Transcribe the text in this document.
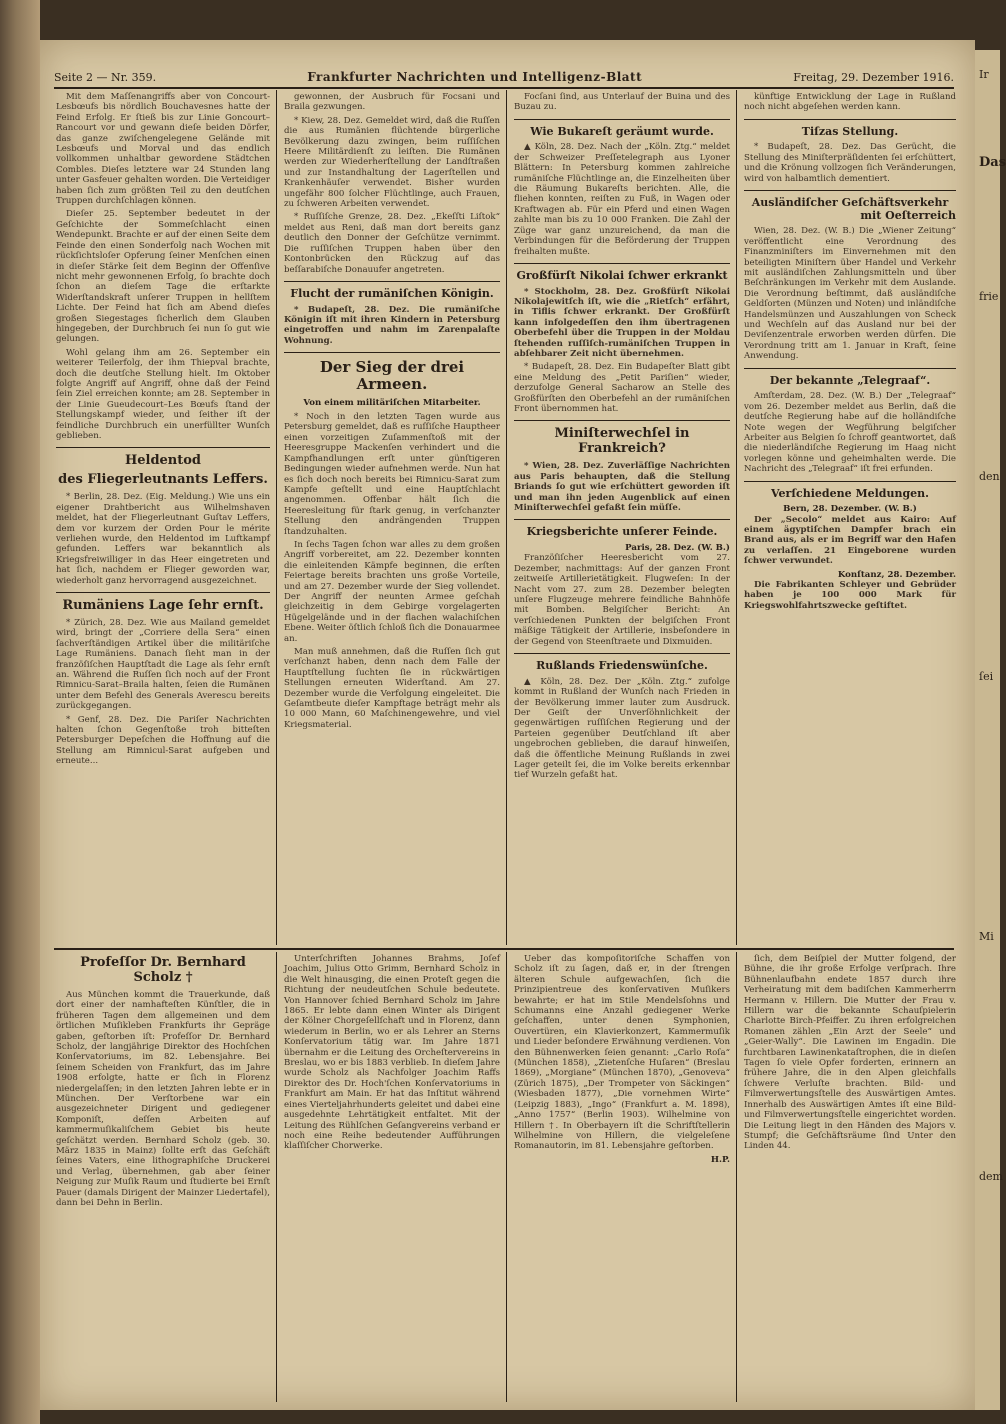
Seite 2 — Nr. 359.	Frankfurter Nachrichten und Intelligenz-Blatt	Freitag, 29. Dezember 1916.

Mit dem Maſſenangriffs aber von Concourt-Lesbœufs bis nördlich Bouchavesnes hatte der Feind Erfolg. Er ſtieß bis zur Linie Goncourt–Rancourt vor und gewann dieſe beiden Dörfer, das ganze zwiſchengelegene Gelände mit Lesbœufs und Morval und das endlich vollkommen unhaltbar gewordene Städtchen Combles. Dieſes letztere war 24 Stunden lang unter Gasfeuer gehalten worden. Die Verteidiger haben ſich zum größten Teil zu den deutſchen Truppen durchſchlagen können.

Dieſer 25. September bedeutet in der Geſchichte der Sommeſchlacht einen Wendepunkt. Brachte er auf der einen Seite dem Feinde den einen Sonderfolg nach Wochen mit rückſichtsloſer Opferung ſeiner Menſchen einen in dieſer Stärke ſeit dem Beginn der Offenſive nicht mehr gewonnenen Erfolg, ſo brachte doch ſchon an dieſem Tage die erſtarkte Widerſtandskraft unſerer Truppen in hellſtem Lichte. Der Feind hat ſich am Abend dieſes großen Siegestages ſicherlich dem Glauben hingegeben, der Durchbruch ſei nun ſo gut wie gelungen.

Wohl gelang ihm am 26. September ein weiterer Teilerfolg, der ihm Thiepval brachte, doch die deutſche Stellung hielt. Im Oktober folgte Angriff auf Angriff, ohne daß der Feind ſein Ziel erreichen konnte; am 28. September in der Linie Gueudecourt–Les Bœufs ſtand der Stellungskampf wieder, und ſeither iſt der feindliche Durchbruch ein unerfüllter Wunſch geblieben.

Heldentod
des Fliegerleutnants Leffers.

* Berlin, 28. Dez. (Eig. Meldung.) Wie uns ein eigener Drahtbericht aus Wilhelmshaven meldet, hat der Fliegerleutnant Guſtav Leffers, dem vor kurzem der Orden Pour le mérite verliehen wurde, den Heldentod im Luftkampf gefunden. Leffers war bekanntlich als Kriegsfreiwilliger in das Heer eingetreten und hat ſich, nachdem er Flieger geworden war, wiederholt ganz hervorragend ausgezeichnet.

Rumäniens Lage ſehr ernſt.

* Zürich, 28. Dez. Wie aus Mailand gemeldet wird, bringt der „Corriere della Sera“ einen ſachverſtändigen Artikel über die militäriſche Lage Rumäniens. Danach ſieht man in der franzöſiſchen Hauptſtadt die Lage als ſehr ernſt an. Während die Ruſſen ſich noch auf der Front Rimnicu-Sarat–Braila halten, ſeien die Rumänen unter dem Befehl des Generals Averescu bereits zurückgegangen.

* Genf, 28. Dez. Die Pariſer Nachrichten halten ſchon Gegenſtoße troh bitteſten Petersburger Depeſchen die Hoffnung auf die Stellung am Rimnicul-Sarat aufgeben und erneute...

gewonnen, der Ausbruch für Focsani und Braila gezwungen.

* Kiew, 28. Dez. Gemeldet wird, daß die Ruſſen die aus Rumänien flüchtende bürgerliche Bevölkerung dazu zwingen, beim ruſſiſchen Heere Militärdienſt zu leiſten. Die Rumänen werden zur Wiederherſtellung der Landſtraßen und zur Instandhaltung der Lagerſtellen und Krankenhäuſer verwendet. Bisher wurden ungefähr 800 ſolcher Flüchtlinge, auch Frauen, zu ſchweren Arbeiten verwendet.

* Ruſſiſche Grenze, 28. Dez. „Ekeſſti Liſtok“ meldet aus Reni, daß man dort bereits ganz deutlich den Donner der Geſchütze vernimmt. Die ruſſiſchen Truppen haben über den Kontonbrücken den Rückzug auf das beſſarabiſche Donauufer angetreten.

Flucht der rumäniſchen Königin.

* Budapeſt, 28. Dez. Die rumäniſche Königin iſt mit ihren Kindern in Petersburg eingetroffen und nahm im Zarenpalaſte Wohnung.

Der Sieg der drei Armeen.
Von einem militäriſchen Mitarbeiter.

* Noch in den letzten Tagen wurde aus Petersburg gemeldet, daß es ruſſiſche Hauptheer einen vorzeitigen Zuſammenſtoß mit der Heeresgruppe Mackenſen verhindert und die Kampfhandlungen erſt unter günſtigeren Bedingungen wieder aufnehmen werde. Nun hat es ſich doch noch bereits bei Rimnicu-Sarat zum Kampfe geſtellt und eine Hauptſchlacht angenommen. Offenbar hält ſich die Heeresleitung für ſtark genug, in verſchanzter Stellung den andrängenden Truppen ſtandzuhalten.

In ſechs Tagen ſchon war alles zu dem großen Angriff vorbereitet, am 22. Dezember konnten die einleitenden Kämpfe beginnen, die erſten Feiertage bereits brachten uns große Vorteile, und am 27. Dezember wurde der Sieg vollendet. Der Angriff der neunten Armee geſchah gleichzeitig in dem Gebirge vorgelagerten Hügelgelände und in der flachen walachiſchen Ebene. Weiter öſtlich ſchloß ſich die Donauarmee an.

Man muß annehmen, daß die Ruſſen ſich gut verſchanzt haben, denn nach dem Falle der Hauptſtellung ſuchten ſie in rückwärtigen Stellungen erneuten Widerſtand. Am 27. Dezember wurde die Verfolgung eingeleitet. Die Geſamtbeute dieſer Kampftage beträgt mehr als 10 000 Mann, 60 Maſchinengewehre, und viel Kriegsmaterial.

Focſani ſind, aus Unterlauf der Buina und des Buzau zu.

Wie Bukareſt geräumt wurde.

▲ Köln, 28. Dez. Nach der „Köln. Ztg.“ meldet der Schweizer Preſſetelegraph aus Lyoner Blättern: In Petersburg kommen zahlreiche rumäniſche Flüchtlinge an, die Einzelheiten über die Räumung Bukareſts berichten. Alle, die fliehen konnten, reiſten zu Fuß, in Wagen oder Kraftwagen ab. Für ein Pferd und einen Wagen zahlte man bis zu 10 000 Franken. Die Zahl der Züge war ganz unzureichend, da man die Verbindungen für die Beförderung der Truppen freihalten mußte.

Großfürſt Nikolai ſchwer erkrankt

* Stockholm, 28. Dez. Großfürſt Nikolai Nikolajewitſch iſt, wie die „Rietſch“ erfährt, in Tiflis ſchwer erkrankt. Der Großfürſt kann infolgedeſſen den ihm übertragenen Oberbefehl über die Truppen in der Moldau ſtehenden ruſſiſch-rumäniſchen Truppen in abſehbarer Zeit nicht übernehmen.

* Budapeſt, 28. Dez. Ein Budapeſter Blatt gibt eine Meldung des „Petit Pariſien“ wieder, derzufolge General Sacharow an Stelle des Großfürſten den Oberbefehl an der rumäniſchen Front übernommen hat.

Miniſterwechſel in Frankreich?

* Wien, 28. Dez. Zuverläſſige Nachrichten aus Paris behaupten, daß die Stellung Briands ſo gut wie erſchüttert geworden iſt und man ihn jeden Augenblick auf einen Miniſterwechſel gefaßt ſein müſſe.

Kriegsberichte unſerer Feinde.
Paris, 28. Dez. (W. B.)

Franzöſiſcher Heeresbericht vom 27. Dezember, nachmittags: Auf der ganzen Front zeitweiſe Artillerietätigkeit. Flugweſen: In der Nacht vom 27. zum 28. Dezember belegten unſere Flugzeuge mehrere feindliche Bahnhöfe mit Bomben. Belgiſcher Bericht: An verſchiedenen Punkten der belgiſchen Front mäßige Tätigkeit der Artillerie, insbeſondere in der Gegend von Steenſtraete und Dixmuiden.

Rußlands Friedenswünſche.

▲ Köln, 28. Dez. Der „Köln. Ztg.“ zufolge kommt in Rußland der Wunſch nach Frieden in der Bevölkerung immer lauter zum Ausdruck. Der Geiſt der Unverſöhnlichkeit der gegenwärtigen ruſſiſchen Regierung und der Parteien gegenüber Deutſchland iſt aber ungebrochen geblieben, die darauf hinweiſen, daß die öffentliche Meinung Rußlands in zwei Lager geteilt ſei, die im Volke bereits erkennbar tief Wurzeln gefaßt hat.

künftige Entwicklung der Lage in Rußland noch nicht abgeſehen werden kann.

Tiſzas Stellung.

* Budapeſt, 28. Dez. Das Gerücht, die Stellung des Miniſterpräſidenten ſei erſchüttert, und die Krönung vollzogen ſich Veränderungen, wird von halbamtlich dementiert.

Ausländiſcher Geſchäftsverkehr
mit Oeſterreich

Wien, 28. Dez. (W. B.) Die „Wiener Zeitung“ veröffentlicht eine Verordnung des Finanzminiſters im Einvernehmen mit den beteiligten Miniſtern über Handel und Verkehr mit ausländiſchen Zahlungsmitteln und über Beſchränkungen im Verkehr mit dem Auslande. Die Verordnung beſtimmt, daß ausländiſche Geldſorten (Münzen und Noten) und inländiſche Handelsmünzen und Auszahlungen von Scheck und Wechſeln auf das Ausland nur bei der Deviſenzentrale erworben werden dürfen. Die Verordnung tritt am 1. Januar in Kraft, ſeine Anwendung.

Der bekannte „Telegraaf“.

Amſterdam, 28. Dez. (W. B.) Der „Telegraaf“ vom 26. Dezember meldet aus Berlin, daß die deutſche Regierung habe auf die holländiſche Note wegen der Wegführung belgiſcher Arbeiter aus Belgien ſo ſchroff geantwortet, daß die niederländiſche Regierung im Haag nicht vorlegen könne und geheimhalten werde. Die Nachricht des „Telegraaf“ iſt frei erfunden.

Verſchiedene Meldungen.
Bern, 28. Dezember. (W. B.)

Der „Secolo“ meldet aus Kairo: Auf einem ägyptiſchen Dampfer brach ein Brand aus, als er im Begriff war den Hafen zu verlaſſen. 21 Eingeborene wurden ſchwer verwundet.

Konſtanz, 28. Dezember.

Die Fabrikanten Schleyer und Gebrüder haben je 100 000 Mark für Kriegswohlfahrtszwecke geſtiftet.

Profeſſor Dr. Bernhard Scholz †

Aus München kommt die Trauerkunde, daß dort einer der namhafteſten Künſtler, die in früheren Tagen dem allgemeinen und dem örtlichen Muſikleben Frankfurts ihr Gepräge gaben, geſtorben iſt: Profeſſor Dr. Bernhard Scholz, der langjährige Direktor des Hochſchen Konſervatoriums, im 82. Lebensjahre. Bei ſeinem Scheiden von Frankfurt, das im Jahre 1908 erfolgte, hatte er ſich in Florenz niedergelaſſen; in den letzten Jahren lebte er in München. Der Verſtorbene war ein ausgezeichneter Dirigent und gediegener Komponiſt, deſſen Arbeiten auf kammermuſikaliſchem Gebiet bis heute geſchätzt werden. Bernhard Scholz (geb. 30. März 1835 in Mainz) ſollte erſt das Geſchäft ſeines Vaters, eine lithographiſche Druckerei und Verlag, übernehmen, gab aber ſeiner Neigung zur Muſik Raum und ſtudierte bei Ernſt Pauer (damals Dirigent der Mainzer Liedertafel), dann bei Dehn in Berlin.

Unterſchriften Johannes Brahms, Joſef Joachim, Julius Otto Grimm, Bernhard Scholz in die Welt hinausging, die einen Proteſt gegen die Richtung der neudeutſchen Schule bedeutete. Von Hannover ſchied Bernhard Scholz im Jahre 1865. Er lebte dann einen Winter als Dirigent der Kölner Chorgeſellſchaft und in Florenz, dann wiederum in Berlin, wo er als Lehrer an Sterns Konſervatorium tätig war. Im Jahre 1871 übernahm er die Leitung des Orcheſtervereins in Breslau, wo er bis 1883 verblieb. In dieſem Jahre wurde Scholz als Nachfolger Joachim Raffs Direktor des Dr. Hoch'ſchen Konſervatoriums in Frankfurt am Main. Er hat das Inſtitut während eines Vierteljahrhunderts geleitet und dabei eine ausgedehnte Lehrtätigkeit entfaltet. Mit der Leitung des Rühlſchen Geſangvereins verband er noch eine Reihe bedeutender Aufführungen klaſſiſcher Chorwerke.

Ueber das kompoſitoriſche Schaffen von Scholz iſt zu ſagen, daß er, in der ſtrengen älteren Schule aufgewachſen, ſich die Prinzipientreue des konſervativen Muſikers bewahrte; er hat im Stile Mendelsſohns und Schumanns eine Anzahl gediegener Werke geſchaffen, unter denen Symphonien, Ouvertüren, ein Klavierkonzert, Kammermuſik und Lieder beſondere Erwähnung verdienen. Von den Bühnenwerken ſeien genannt: „Carlo Roſa“ (München 1858), „Zietenſche Huſaren“ (Breslau 1869), „Morgiane“ (München 1870), „Genoveva“ (Zürich 1875), „Der Trompeter von Säckingen“ (Wiesbaden 1877), „Die vornehmen Wirte“ (Leipzig 1883), „Ingo“ (Frankfurt a. M. 1898), „Anno 1757“ (Berlin 1903). Wilhelmine von Hillern †. In Oberbayern iſt die Schriftſtellerin Wilhelmine von Hillern, die vielgeleſene Romanautorin, im 81. Lebensjahre geſtorben.

H.P.

ſich, dem Beiſpiel der Mutter folgend, der Bühne, die ihr große Erfolge verſprach. Ihre Bühnenlaufbahn endete 1857 durch ihre Verheiratung mit dem badiſchen Kammerherrn Hermann v. Hillern. Die Mutter der Frau v. Hillern war die bekannte Schauſpielerin Charlotte Birch-Pfeiffer. Zu ihren erfolgreichen Romanen zählen „Ein Arzt der Seele“ und „Geier-Wally“. Die Lawinen im Engadin. Die furchtbaren Lawinenkataſtrophen, die in dieſen Tagen ſo viele Opfer forderten, erinnern an frühere Jahre, die in den Alpen gleichfalls ſchwere Verluſte brachten. Bild- und Filmverwertungsſtelle des Auswärtigen Amtes. Innerhalb des Auswärtigen Amtes iſt eine Bild- und Filmverwertungsſtelle eingerichtet worden. Die Leitung liegt in den Händen des Majors v. Stumpf; die Geſchäftsräume ſind Unter den Linden 44.

Ir
Das
frie
den
ſei
Mi
dem
